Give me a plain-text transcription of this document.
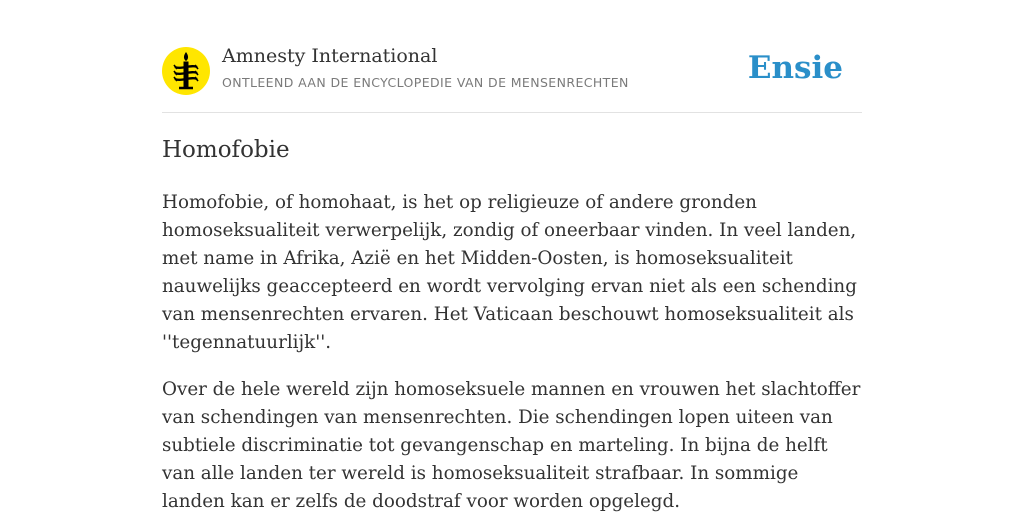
Amnesty International
ONTLEEND AAN DE ENCYCLOPEDIE VAN DE MENSENRECHTEN	Ensie
Homofobie

Homofobie, of homohaat, is het op religieuze of andere gronden homoseksualiteit verwerpelijk, zondig of oneerbaar vinden. In veel landen, met name in Afrika, Azië en het Midden-Oosten, is homoseksualiteit nauwelijks geaccepteerd en wordt vervolging ervan niet als een schending van mensenrechten ervaren. Het Vaticaan beschouwt homoseksualiteit als ''tegennatuurlijk''.

Over de hele wereld zijn homoseksuele mannen en vrouwen het slachtoffer van schendingen van mensenrechten. Die schendingen lopen uiteen van subtiele discriminatie tot gevangenschap en marteling. In bijna de helft van alle landen ter wereld is homoseksualiteit strafbaar. In sommige landen kan er zelfs de doodstraf voor worden opgelegd.
